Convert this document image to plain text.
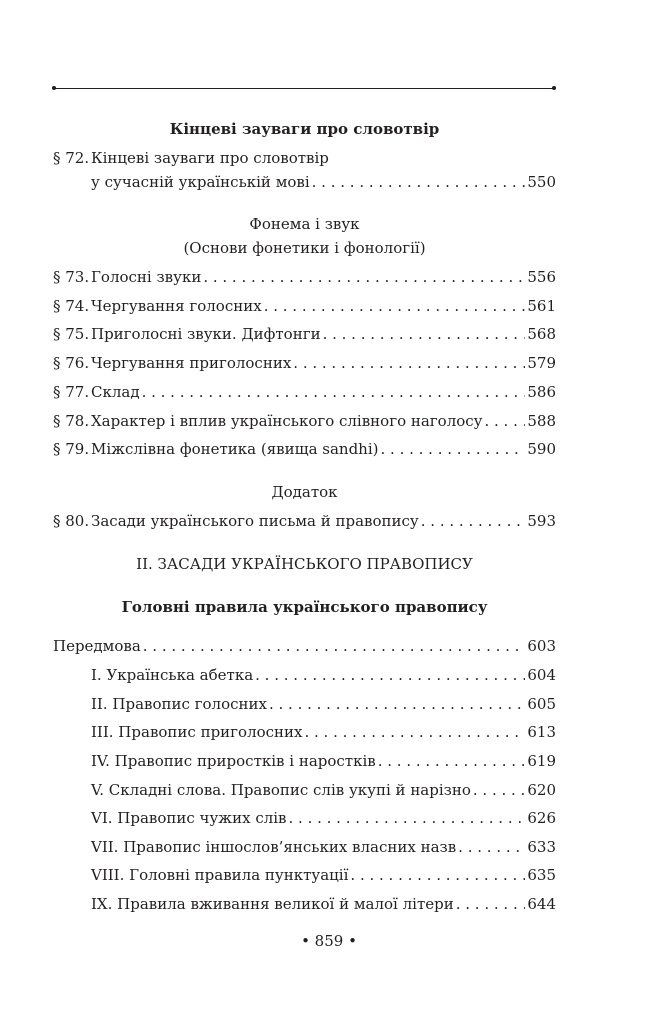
Кінцеві зауваги про словотвір
§ 72. Кінцеві зауваги про словотвір
у сучасній українській мові . . .	550
Фонема і звук
(Основи фонетики і фонології)
§ 73. Голосні звуки . . .	556
§ 74. Чергування голосних . . .	561
§ 75. Приголосні звуки. Дифтонги . . .	568
§ 76. Чергування приголосних . . .	579
§ 77. Склад . . .	586
§ 78. Характер і вплив українського слівного наголосу . . .	588
§ 79. Міжслівна фонетика (явища sandhi) . . .	590
Додаток
§ 80. Засади українського письма й правопису . . .	593
II. ЗАСАДИ УКРАЇНСЬКОГО ПРАВОПИСУ
Головні правила українського правопису
Передмова . . .	603
I. Українська абетка . . .	604
II. Правопис голосних . . .	605
III. Правопис приголосних . . .	613
IV. Правопис приростків і наростків . . .	619
V. Складні слова. Правопис слів укупі й нарізно . . .	620
VI. Правопис чужих слів . . .	626
VII. Правопис іншослов’янських власних назв . . .	633
VIII. Головні правила пунктуації . . .	635
IX. Правила вживання великої й малої літери . . .	644
• 859 •
